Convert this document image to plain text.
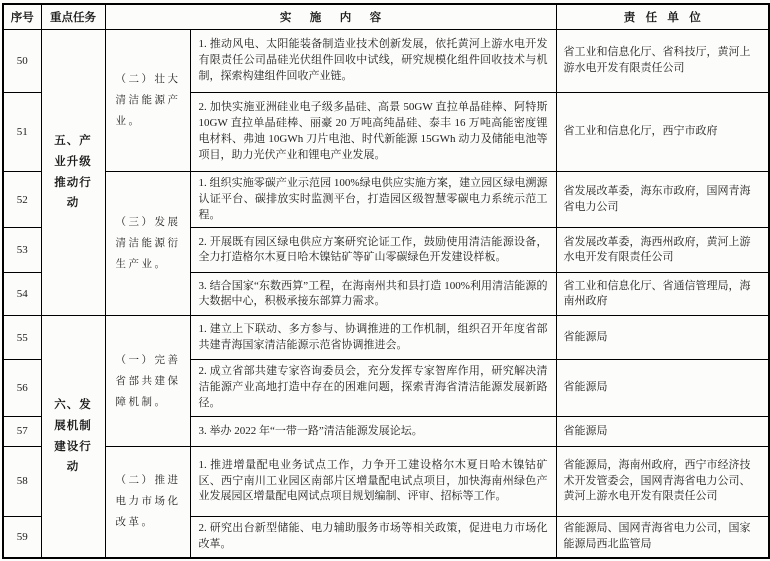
序号	重点任务	实施内容		责任单位
50	五、产业升级推动行动	（二）壮大清洁能源产业。	1. 推动风电、太阳能装备制造业技术创新发展，依托黄河上游水电开发有限责任公司晶硅光伏组件回收中试线，研究规模化组件回收技术与机制，探索构建组件回收产业链。	省工业和信息化厅、省科技厅，黄河上游水电开发有限责任公司
51			2. 加快实施亚洲硅业电子级多晶硅、高景 50GW 直拉单晶硅棒、阿特斯 10GW 直拉单晶硅棒、丽豪 20 万吨高纯晶硅、泰丰 16 万吨高能密度锂电材料、弗迪 10GWh 刀片电池、时代新能源 15GWh 动力及储能电池等项目，助力光伏产业和锂电产业发展。	省工业和信息化厅，西宁市政府
52		（三）发展清洁能源衍生产业。	1. 组织实施零碳产业示范园 100%绿电供应实施方案，建立园区绿电溯源认证平台、碳排放实时监测平台，打造园区级智慧零碳电力系统示范工程。	省发展改革委，海东市政府，国网青海省电力公司
53			2. 开展既有园区绿电供应方案研究论证工作，鼓励使用清洁能源设备，全力打造格尔木夏日哈木镍钴矿等矿山零碳绿色开发建设样板。	省发展改革委，海西州政府，黄河上游水电开发有限责任公司
54			3. 结合国家“东数西算”工程，在海南州共和县打造 100%利用清洁能源的大数据中心，积极承接东部算力需求。	省工业和信息化厅、省通信管理局，海南州政府
55	六、发展机制建设行动	（一）完善省部共建保障机制。	1. 建立上下联动、多方参与、协调推进的工作机制，组织召开年度省部共建青海国家清洁能源示范省协调推进会。	省能源局
56			2. 成立省部共建专家咨询委员会，充分发挥专家智库作用，研究解决清洁能源产业高地打造中存在的困难问题，探索青海省清洁能源发展新路径。	省能源局
57			3. 举办 2022 年“一带一路”清洁能源发展论坛。	省能源局
58		（二）推进电力市场化改革。	1. 推进增量配电业务试点工作，力争开工建设格尔木夏日哈木镍钴矿区、西宁南川工业园区南部片区增量配电试点项目，加快海南州绿色产业发展园区增量配电网试点项目规划编制、评审、招标等工作。	省能源局，海南州政府，西宁市经济技术开发管委会，国网青海省电力公司、黄河上游水电开发有限责任公司
59			2. 研究出台新型储能、电力辅助服务市场等相关政策，促进电力市场化改革。	省能源局、国网青海省电力公司，国家能源局西北监管局
